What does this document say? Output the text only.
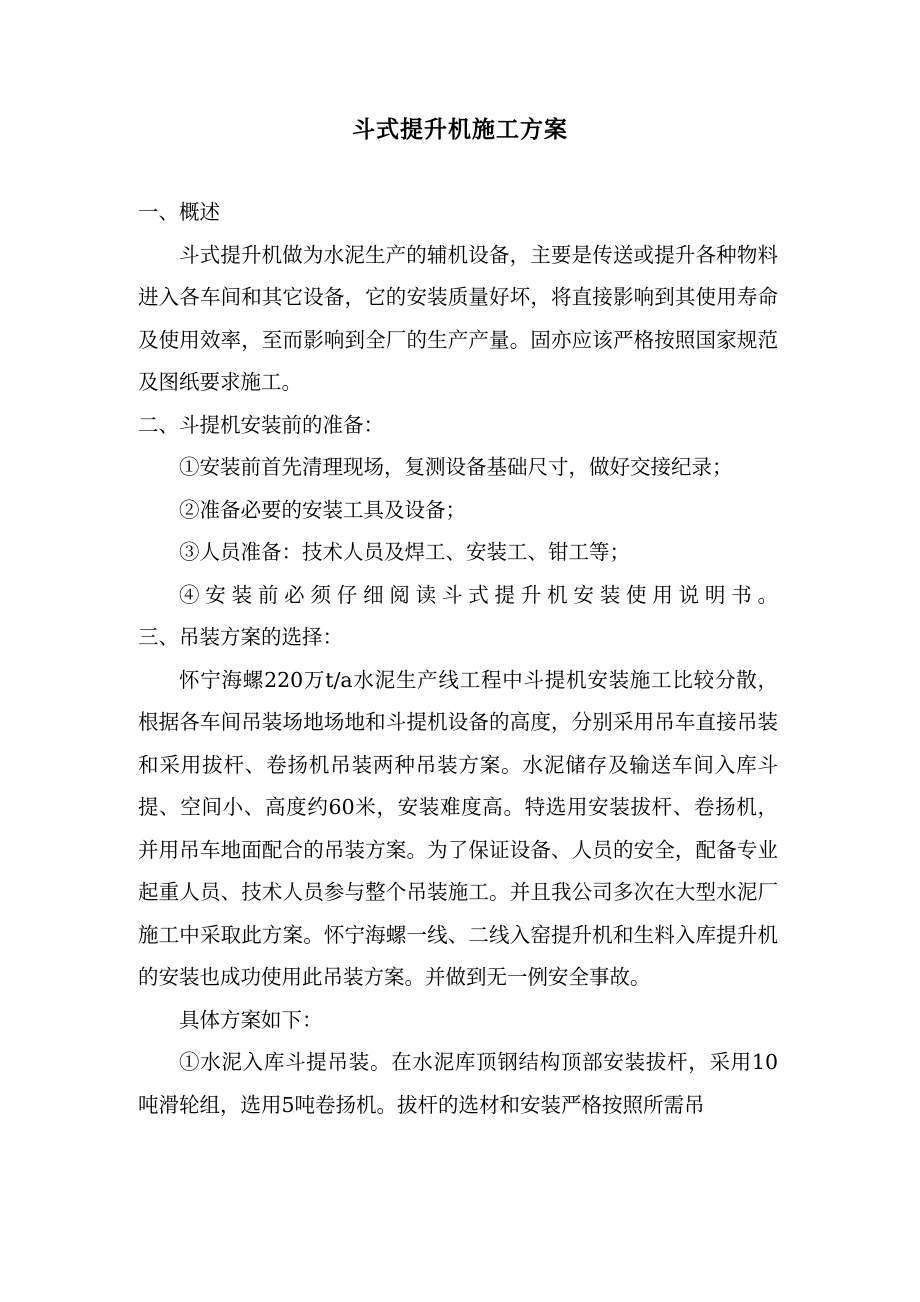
斗式提升机施工方案

一、概述

斗式提升机做为水泥生产的辅机设备，主要是传送或提升各种物料进入各车间和其它设备，它的安装质量好坏，将直接影响到其使用寿命及使用效率，至而影响到全厂的生产产量。固亦应该严格按照国家规范及图纸要求施工。

二、斗提机安装前的准备：

①安装前首先清理现场，复测设备基础尺寸，做好交接纪录；

②准备必要的安装工具及设备；

③人员准备：技术人员及焊工、安装工、钳工等；

④安装前必须仔细阅读斗式提升机安装使用说明书。

三、吊装方案的选择：

怀宁海螺220万t/a水泥生产线工程中斗提机安装施工比较分散，根据各车间吊装场地场地和斗提机设备的高度，分别采用吊车直接吊装和采用拔杆、卷扬机吊装两种吊装方案。水泥储存及输送车间入库斗提、空间小、高度约60米，安装难度高。特选用安装拔杆、卷扬机，并用吊车地面配合的吊装方案。为了保证设备、人员的安全，配备专业起重人员、技术人员参与整个吊装施工。并且我公司多次在大型水泥厂施工中采取此方案。怀宁海螺一线、二线入窑提升机和生料入库提升机的安装也成功使用此吊装方案。并做到无一例安全事故。

具体方案如下：

①水泥入库斗提吊装。在水泥库顶钢结构顶部安装拔杆，采用10吨滑轮组，选用5吨卷扬机。拔杆的选材和安装严格按照所需吊
